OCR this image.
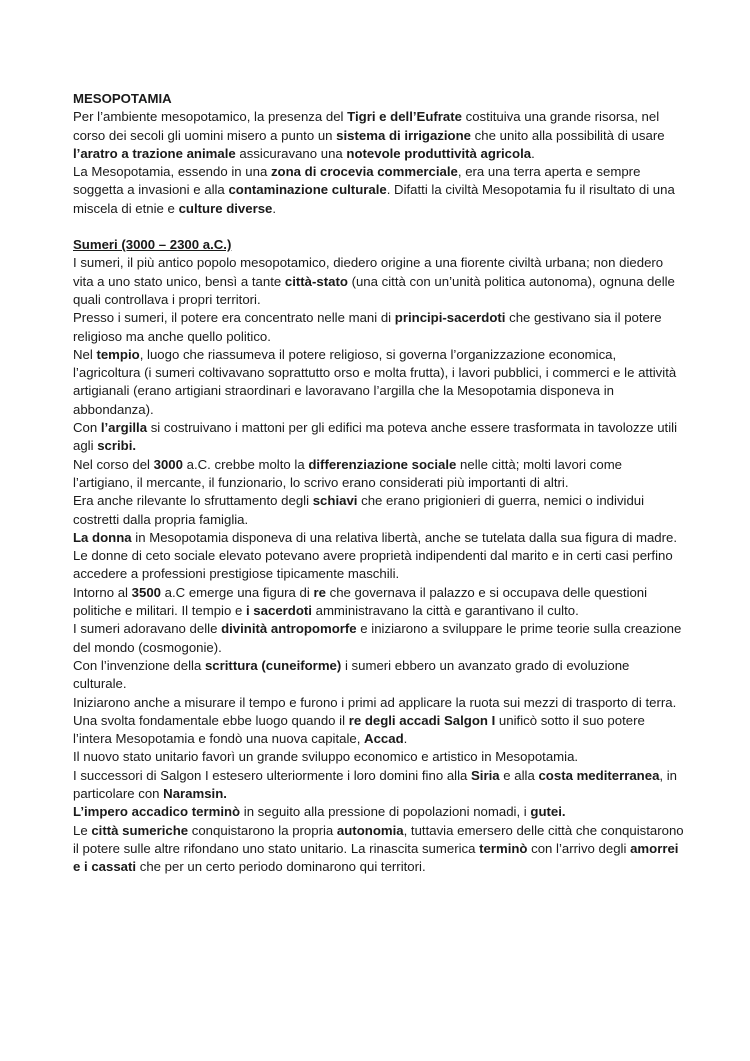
MESOPOTAMIA

Per l’ambiente mesopotamico, la presenza del Tigri e dell’Eufrate costituiva una grande risorsa, nel corso dei secoli gli uomini misero a punto un sistema di irrigazione che unito alla possibilità di usare l’aratro a trazione animale assicuravano una notevole produttività agricola.

La Mesopotamia, essendo in una zona di crocevia commerciale, era una terra aperta e sempre soggetta a invasioni e alla contaminazione culturale. Difatti la civiltà Mesopotamia fu il risultato di una miscela di etnie e culture diverse.

Sumeri (3000 – 2300 a.C.)

I sumeri, il più antico popolo mesopotamico, diedero origine a una fiorente civiltà urbana; non diedero vita a uno stato unico, bensì a tante città-stato (una città con un’unità politica autonoma), ognuna delle quali controllava i propri territori.

Presso i sumeri, il potere era concentrato nelle mani di principi-sacerdoti che gestivano sia il potere religioso ma anche quello politico.

Nel tempio, luogo che riassumeva il potere religioso, si governa l’organizzazione economica, l’agricoltura (i sumeri coltivavano soprattutto orso e molta frutta), i lavori pubblici, i commerci e le attività artigianali (erano artigiani straordinari e lavoravano l’argilla che la Mesopotamia disponeva in abbondanza).

Con l’argilla si costruivano i mattoni per gli edifici ma poteva anche essere trasformata in tavolozze utili agli scribi.

Nel corso del 3000 a.C. crebbe molto la differenziazione sociale nelle città; molti lavori come l’artigiano, il mercante, il funzionario, lo scrivo erano considerati più importanti di altri.

Era anche rilevante lo sfruttamento degli schiavi che erano prigionieri di guerra, nemici o individui costretti dalla propria famiglia.

La donna in Mesopotamia disponeva di una relativa libertà, anche se tutelata dalla sua figura di madre.

Le donne di ceto sociale elevato potevano avere proprietà indipendenti dal marito e in certi casi perfino accedere a professioni prestigiose tipicamente maschili.

Intorno al 3500 a.C emerge una figura di re che governava il palazzo e si occupava delle questioni politiche e militari. Il tempio e i sacerdoti amministravano la città e garantivano il culto.

I sumeri adoravano delle divinità antropomorfe e iniziarono a sviluppare le prime teorie sulla creazione del mondo (cosmogonie).

Con l’invenzione della scrittura (cuneiforme) i sumeri ebbero un avanzato grado di evoluzione culturale.

Iniziarono anche a misurare il tempo e furono i primi ad applicare la ruota sui mezzi di trasporto di terra.

Una svolta fondamentale ebbe luogo quando il re degli accadi Salgon I unificò sotto il suo potere l’intera Mesopotamia e fondò una nuova capitale, Accad.

Il nuovo stato unitario favorì un grande sviluppo economico e artistico in Mesopotamia.

I successori di Salgon I estesero ulteriormente i loro domini fino alla Siria e alla costa mediterranea, in particolare con Naramsin.

L’impero accadico terminò in seguito alla pressione di popolazioni nomadi, i gutei.

Le città sumeriche conquistarono la propria autonomia, tuttavia emersero delle città che conquistarono il potere sulle altre rifondano uno stato unitario. La rinascita sumerica terminò con l’arrivo degli amorrei e i cassati che per un certo periodo dominarono qui territori.
